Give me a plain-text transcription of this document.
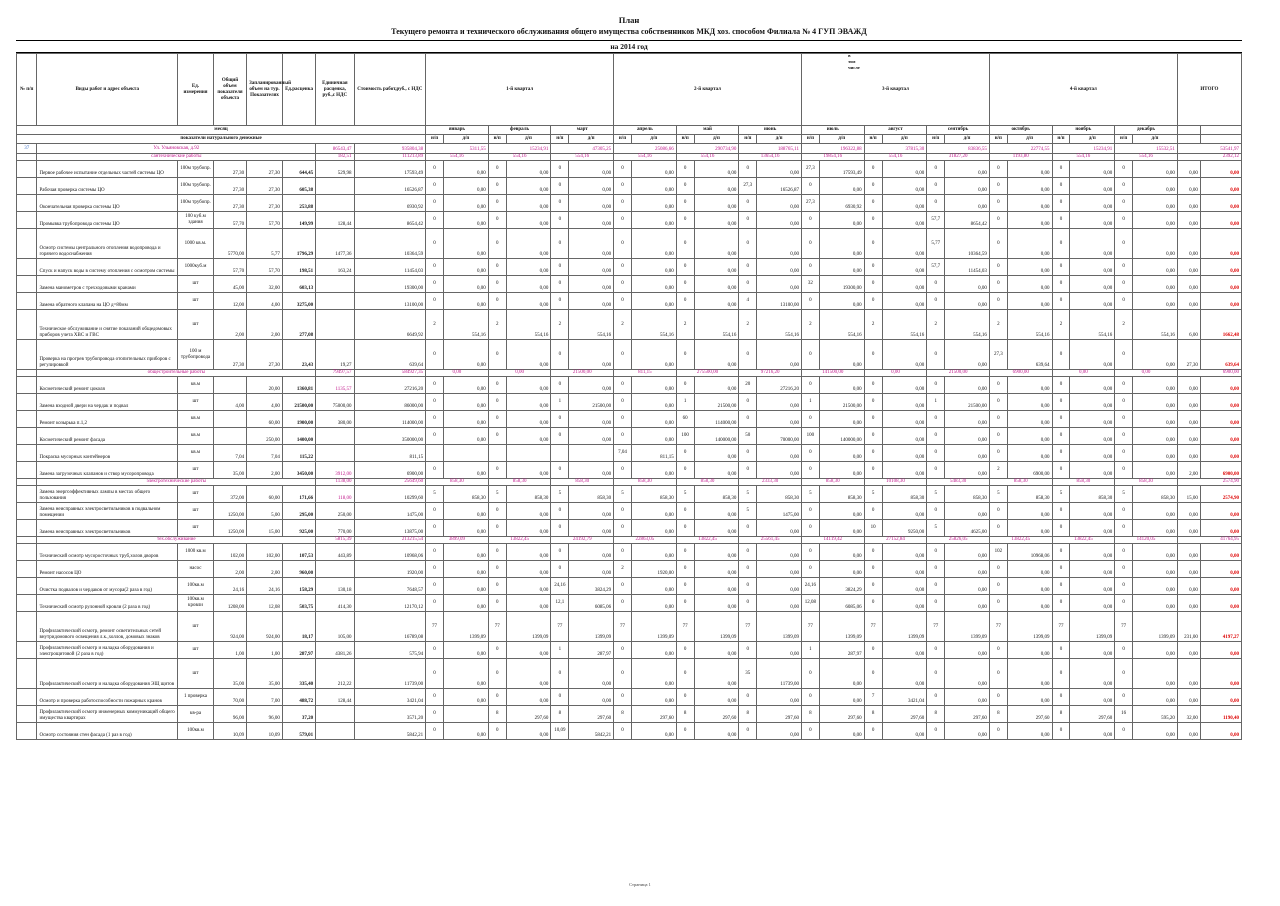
План
Текущего ремонта и технического обслуживания общего имущества собственников МКД хоз. способом Филиала № 4 ГУП ЭВАЖД
на 2014 год
№ п/п	Виды работ и адрес объекта	Ед. измерения	Общий объем показателя объекта	Запланированный объем на тур. Показателях	Ед.расценка	Единичная расценка, руб.,с НДС	Стоимость работ,руб., с НДС	в том числе
1-й квартал						2-й квартал						3-й квартал						4-й квартал						ИТОГО	
месяц								январь		февраль		март		апрель		май		июнь		июль		август		сентябрь		октябрь		ноябрь		декабрь			
показатели натурального денежные								н/п	д/п	н/п	д/п	н/п	д/п	н/п	д/п	н/п	д/п	н/п	д/п	н/п	д/п	н/п	д/п	н/п	д/п	н/п	д/п	н/п	д/п	н/п	д/п		
37	Ул. Ульяновская, д.92					86543,47	935804,38	5311,55		15234,91		47305,25		25086,66		290734,90		188765,11		196322,88		37815,30		83836,55		22774,55		15234,91		15532,51		53541,97	
	сантехнические работы					182,51	111213,89	554,16		554,16		554,16		554,16		554,16		13654,16		19854,16		554,16		31827,20		1193,80		554,16		554,16		2392,12	
	Первое рабочее испытание отдельных частей системы ЦО	100м трубопр.	27,30	27,30	644,45	529,98	17593,49	0	0,00	0	0,00	0	0,00	0	0,00	0	0,00	0	0,00	27,3	17593,49	0	0,00	0	0,00	0	0,00	0	0,00	0	0,00	0,00	0,00
	Рабочая проверка системы ЦО	100м трубопр.	27,30	27,30	605,38		16526,87	0	0,00	0	0,00	0	0,00	0	0,00	0	0,00	27,3	16526,87	0	0,00	0	0,00	0	0,00	0	0,00	0	0,00	0	0,00	0,00	0,00
	Окончательная проверка системы ЦО	100м трубопр.	27,30	27,30	253,88		6930,92	0	0,00	0	0,00	0	0,00	0	0,00	0	0,00	0	0,00	27,3	6930,92	0	0,00	0	0,00	0	0,00	0	0,00	0	0,00	0,00	0,00
	Промывка трубопровода системы ЦО	100 куб.м здания	57,70	57,70	149,99	128,44	8654,42	0	0,00	0	0,00	0	0,00	0	0,00	0	0,00	0	0,00	0	0,00	0	0,00	57,7	8654,42	0	0,00	0	0,00	0	0,00	0,00	0,00
	Осмотр системы центрального отопления водопровода и горячего водоснабжения	1000 кв.м.	5770,00	5,77	1796,29	1477,36	10364,59	0	0,00	0	0,00	0	0,00	0	0,00	0	0,00	0	0,00	0	0,00	0	0,00	5,77	10364,59	0	0,00	0	0,00	0	0,00	0,00	0,00
	Спуск и напуск воды в систему отопления с осмотром системы	1000куб.м	57,70	57,70	198,51	163,24	11454,03	0	0,00	0	0,00	0	0,00	0	0,00	0	0,00	0	0,00	0	0,00	0	0,00	57,7	11454,03	0	0,00	0	0,00	0	0,00	0,00	0,00
	Замена манометров с трехходовыми кранами	шт	45,00	32,00	603,13		19300,00	0	0,00	0	0,00	0	0,00	0	0,00	0	0,00	0	0,00	32	19300,00	0	0,00	0	0,00	0	0,00	0	0,00	0	0,00	0,00	0,00
	Замена обратного клапана на ЦО д=80мм	шт	12,00	4,00	3275,00		13100,00	0	0,00	0	0,00	0	0,00	0	0,00	0	0,00	4	13100,00	0	0,00	0	0,00	0	0,00	0	0,00	0	0,00	0	0,00	0,00	0,00
	Техническое обслуживание и снятие показаний общедомовых приборов учета ХВС и ГВС	шт	2,00	2,00	277,08		6649,92	2	554,16	2	554,16	2	554,16	2	554,16	2	554,16	2	554,16	2	554,16	2	554,16	2	554,16	2	554,16	2	554,16	2	554,16	6,00	1662,48
	Проверка на прогрев трубопровода отопительных приборов с регулировкой	100 м трубопровода	27,30	27,30	23,43	19,27	639,64	0	0,00	0	0,00	0	0,00	0	0,00	0	0,00	0	0,00	0	0,00	0	0,00	0	0,00	27,3	639,64	0	0,00	0	0,00	27,30	639,64
	общестроительные работы					79497,57	584927,35	0,00		0,00		21500,00		811,15		275500,00		97216,20		141500,00		0,00		21500,00		6900,00		0,00		0,00		6900,00	
	Косметический ремонт цоколя	кв.м		20,00	1360,81	1135,57	27216,20	0	0,00	0	0,00	0	0,00	0	0,00	0	0,00	20	27216,20	0	0,00	0	0,00	0	0,00	0	0,00	0	0,00	0	0,00	0,00	0,00
	Замена входной двери на чердак и подвал	шт	4,00	4,00	21500,00	75000,00	86000,00	0	0,00	0	0,00	1	21500,00	0	0,00	1	21500,00	0	0,00	1	21500,00	0	0,00	1	21500,00	0	0,00	0	0,00	0	0,00	0,00	0,00
	Ремонт козырька п.1,2	кв.м		60,00	1900,00	380,00	114000,00	0	0,00	0	0,00	0	0,00	0	0,00	60	114000,00	0	0,00	0	0,00	0	0,00	0	0,00	0	0,00	0	0,00	0	0,00	0,00	0,00
	Косметический ремонт фасада	кв.м		250,00	1400,00		350000,00	0	0,00	0	0,00	0	0,00	0	0,00	100	140000,00	50	70000,00	100	140000,00	0	0,00	0	0,00	0	0,00	0	0,00	0	0,00	0,00	0,00
	Покраска мусорных контейнеров	кв.м	7,04	7,04	115,22		811,15							7,04	811,15	0	0,00	0	0,00	0	0,00	0	0,00	0	0,00	0	0,00	0	0,00	0	0,00	0,00	0,00
	Замена загрузочных клапанов и створ мусоропровода	шт	35,00	2,00	3450,00	3912,00	6900,00	0	0,00	0	0,00	0	0,00	0	0,00	0	0,00	0	0,00	0	0,00	0	0,00	0	0,00	2	6900,00	0	0,00	0	0,00	2,00	6900,00
	электротехнические работы					1138,00	25649,60	858,30		858,30		858,30		858,30		858,30		2333,30		858,30		10108,30		5483,30		858,30		858,30		858,30		2574,90	
	Замена энергоэффективных лампы в местах общего пользования	шт	372,00	60,00	171,66	118,00	10299,60	5	858,30	5	858,30	5	858,30	5	858,30	5	858,30	5	858,30	5	858,30	5	858,30	5	858,30	5	858,30	5	858,30	5	858,30	15,00	2574,90
	Замена неисправных электросветильников в подвальном помещении	шт	1250,00	5,00	295,00	250,00	1475,00	0	0,00	0	0,00	0	0,00	0	0,00	0	0,00	5	1475,00	0	0,00	0	0,00	0	0,00	0	0,00	0	0,00	0	0,00	0,00	0,00
	Замена неисправных электросветильников	шт	1250,00	15,00	925,00	770,00	13875,00	0	0,00	0	0,00	0	0,00	0	0,00	0	0,00	0	0,00	0	0,00	10	9250,00	5	4625,00	0	0,00	0	0,00	0	0,00	0,00	0,00
	тех.обслуживание					5815,39	213215,54	3899,09		13822,45		24192,79		22863,05		13822,45		25561,45		14119,42		27152,84		25826,05		13822,45		13822,45		14120,05		41764,95	
	Технический осмотр мусоросточных труб,холов дворов	1000 кв.м	102,00	102,00	107,53	443,89	10968,06	0	0,00	0	0,00	0	0,00	0	0,00	0	0,00	0	0,00	0	0,00	0	0,00	0	0,00	102	10968,06	0	0,00	0	0,00	0,00	0,00
	Ремонт насосов ЦО	насос	2,00	2,00	960,00		1920,00	0	0,00	0	0,00	0	0,00	2	1920,00	0	0,00	0	0,00	0	0,00	0	0,00	0	0,00	0	0,00	0	0,00	0	0,00	0,00	0,00
	Очистка подвалов и чердаков от мусора(2 раза в год)	100кв.м	24,16	24,16	158,29	130,18	7648,57	0	0,00	0	0,00	24,16	3824,29	0	0,00	0	0,00	0	0,00	24,16	3824,29	0	0,00	0	0,00	0	0,00	0	0,00	0	0,00	0,00	0,00
	Технический осмотр рулонной кровли (2 раза в год)	100кв.м кровли	1208,00	12,08	503,75	414,30	12170,12	0	0,00	0	0,00	12,1	6085,06	0	0,00	0	0,00	0	0,00	12,08	6085,06	0	0,00	0	0,00	0	0,00	0	0,00	0	0,00	0,00	0,00
	Профилактический осмотр, ремонт осветительных сетей внутридомового освещения л.к.,холлов, домовых знаков	шт	924,00	924,00	18,17	105,00	16789,08	77	1399,09	77	1399,09	77	1399,09	77	1399,09	77	1399,09	77	1399,09	77	1399,09	77	1399,09	77	1399,09	77	1399,09	77	1399,09	77	1399,09	231,00	4197,27
	Профилактический осмотр и наладка оборудования и электрощитовой (2 раза в год)	шт	1,00	1,00	287,97	4381,26	575,94	0	0,00	0	0,00	1	287,97	0	0,00	0	0,00	0	0,00	1	287,97	0	0,00	0	0,00	0	0,00	0	0,00	0	0,00	0,00	0,00
	Профилактический осмотр и наладка оборудования ЭЩ щитов	шт	35,00	35,00	335,40	212,22	11739,00	0	0,00	0	0,00	0	0,00	0	0,00	0	0,00	35	11739,00	0	0,00	0	0,00	0	0,00	0	0,00	0	0,00	0	0,00	0,00	0,00
	Осмотр и проверка работоспособности пожарных кранов	1 проверка	70,00	7,00	488,72	128,44	3421,04	0	0,00	0	0,00	0	0,00	0	0,00	0	0,00	0	0,00	0	0,00	7	3421,04	0	0,00	0	0,00	0	0,00	0	0,00	0,00	0,00
	Профилактический осмотр инженерных коммуникаций общего имущества квартирах	кв-ра	96,00	96,00	37,20		3571,20	0		8	297,60	8	297,60	8	297,60	8	297,60	8	297,60	8	297,60	8	297,60	8	297,60	8	297,60	8	297,60	16	595,20	32,00	1190,40
	Осмотр состояния стен фасада (1 раз в год)	100кв.м	10,09	10,09	579,01		5842,21	0	0,00	0	0,00	10,09	5842,21	0	0,00	0	0,00	0	0,00	0	0,00	0	0,00	0	0,00	0	0,00	0	0,00	0	0,00	0,00	0,00
Страница 1
